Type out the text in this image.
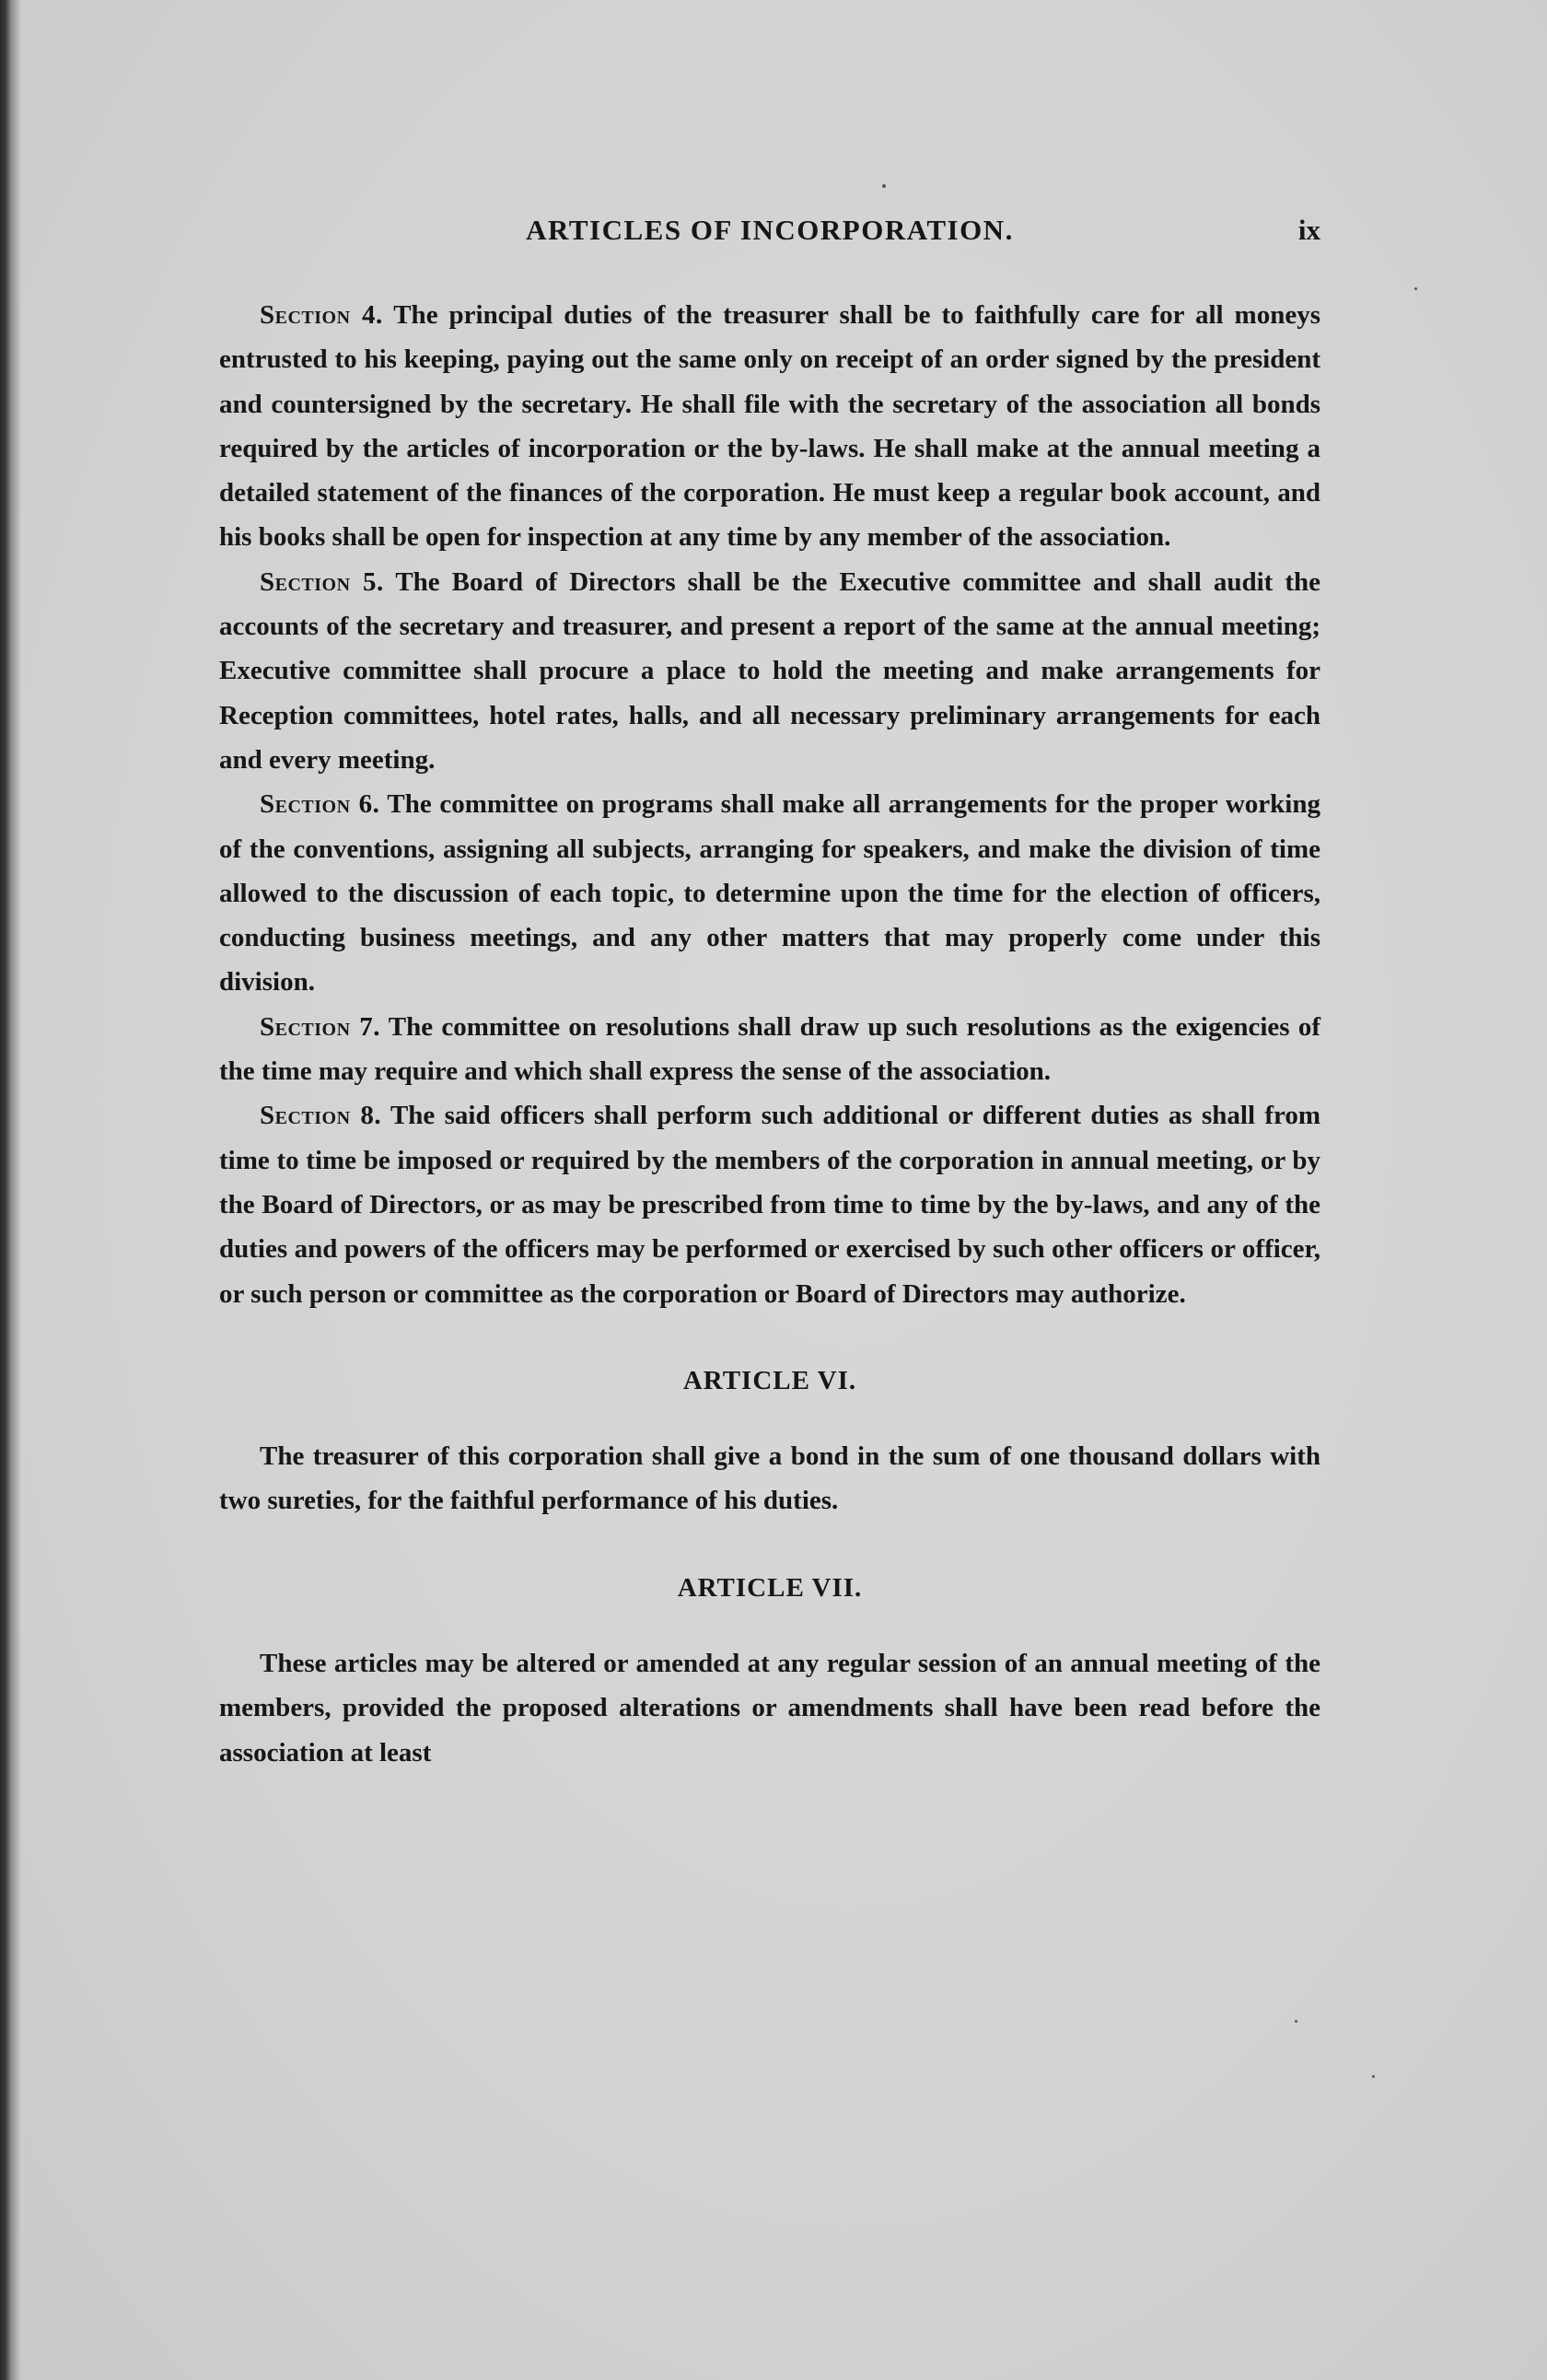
ARTICLES OF INCORPORATION.	ix

Section 4. The principal duties of the treasurer shall be to faithfully care for all moneys entrusted to his keeping, paying out the same only on receipt of an order signed by the president and countersigned by the secretary. He shall file with the secretary of the association all bonds required by the articles of incorporation or the by-laws. He shall make at the annual meeting a detailed statement of the finances of the corporation. He must keep a regular book account, and his books shall be open for inspection at any time by any member of the association.

Section 5. The Board of Directors shall be the Executive committee and shall audit the accounts of the secretary and treasurer, and present a report of the same at the annual meeting; Executive committee shall procure a place to hold the meeting and make arrangements for Reception committees, hotel rates, halls, and all necessary preliminary arrangements for each and every meeting.

Section 6. The committee on programs shall make all arrangements for the proper working of the conventions, assigning all subjects, arranging for speakers, and make the division of time allowed to the discussion of each topic, to determine upon the time for the election of officers, conducting business meetings, and any other matters that may properly come under this division.

Section 7. The committee on resolutions shall draw up such resolutions as the exigencies of the time may require and which shall express the sense of the association.

Section 8. The said officers shall perform such additional or different duties as shall from time to time be imposed or required by the members of the corporation in annual meeting, or by the Board of Directors, or as may be prescribed from time to time by the by-laws, and any of the duties and powers of the officers may be performed or exercised by such other officers or officer, or such person or committee as the corporation or Board of Directors may authorize.

ARTICLE VI.

The treasurer of this corporation shall give a bond in the sum of one thousand dollars with two sureties, for the faithful performance of his duties.

ARTICLE VII.

These articles may be altered or amended at any regular session of an annual meeting of the members, provided the proposed alterations or amendments shall have been read before the association at least
